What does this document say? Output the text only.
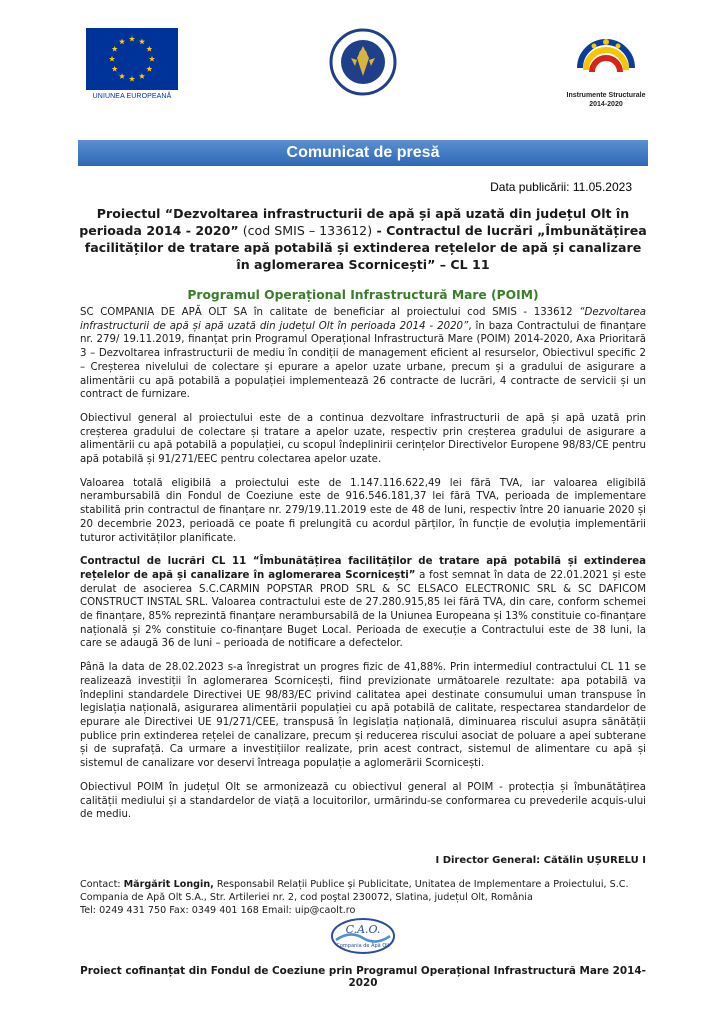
UNIUNEA EUROPEANĂ	Instrumente Structurale
2014-2020
Comunicat de presă
Data publicării: 11.05.2023
Proiectul “Dezvoltarea infrastructurii de apă și apă uzată din județul Olt în perioada 2014 - 2020” (cod SMIS – 133612) - Contractul de lucrări „Îmbunătățirea facilităților de tratare apă potabilă și extinderea rețelelor de apă și canalizare în aglomerarea Scornicești” – CL 11
Programul Operațional Infrastructură Mare (POIM)

SC COMPANIA DE APĂ OLT SA în calitate de beneficiar al proiectului cod SMIS - 133612 “Dezvoltarea infrastructurii de apă și apă uzată din județul Olt în perioada 2014 - 2020”, în baza Contractului de finanțare nr. 279/ 19.11.2019, finanțat prin Programul Operațional Infrastructură Mare (POIM) 2014-2020, Axa Prioritară 3 – Dezvoltarea infrastructurii de mediu în condiții de management eficient al resurselor, Obiectivul specific 2 – Creșterea nivelului de colectare și epurare a apelor uzate urbane, precum și a gradului de asigurare a alimentării cu apă potabilă a populației implementează 26 contracte de lucrări, 4 contracte de servicii și un contract de furnizare.

Obiectivul general al proiectului este de a continua dezvoltare infrastructurii de apă și apă uzată prin creșterea gradului de colectare și tratare a apelor uzate, respectiv prin creșterea gradului de asigurare a alimentării cu apă potabilă a populației, cu scopul îndeplinirii cerințelor Directivelor Europene 98/83/CE pentru apă potabilă și 91/271/EEC pentru colectarea apelor uzate.

Valoarea totală eligibilă a proiectului este de 1.147.116.622,49 lei fără TVA, iar valoarea eligibilă nerambursabilă din Fondul de Coeziune este de 916.546.181,37 lei fără TVA, perioada de implementare stabilită prin contractul de finanțare nr. 279/19.11.2019 este de 48 de luni, respectiv între 20 ianuarie 2020 și 20 decembrie 2023, perioadă ce poate fi prelungită cu acordul părților, în funcție de evoluția implementării tuturor activităților planificate.

Contractul de lucrări CL 11 “Îmbunătățirea facilităților de tratare apă potabilă și extinderea rețelelor de apă și canalizare în aglomerarea Scornicești” a fost semnat în data de 22.01.2021 și este derulat de asocierea S.C.CARMIN POPSTAR PROD SRL & SC ELSACO ELECTRONIC SRL & SC DAFICOM CONSTRUCT INSTAL SRL. Valoarea contractului este de 27.280.915,85 lei fără TVA, din care, conform schemei de finanțare, 85% reprezintă finanțare nerambursabilă de la Uniunea Europeana și 13% constituie co-finanțare națională și 2% constituie co-finanțare Buget Local. Perioada de execuție a Contractului este de 38 luni, la care se adaugă 36 de luni – perioada de notificare a defectelor.

Până la data de 28.02.2023 s-a înregistrat un progres fizic de 41,88%. Prin intermediul contractului CL 11 se realizează investiții în aglomerarea Scornicești, fiind previzionate următoarele rezultate: apa potabilă va îndeplini standardele Directivei UE 98/83/EC privind calitatea apei destinate consumului uman transpuse în legislația națională, asigurarea alimentării populației cu apă potabilă de calitate, respectarea standardelor de epurare ale Directivei UE 91/271/CEE, transpusă în legislația națională, diminuarea riscului asupra sănătății publice prin extinderea rețelei de canalizare, precum și reducerea riscului asociat de poluare a apei subterane și de suprafață. Ca urmare a investițiilor realizate, prin acest contract, sistemul de alimentare cu apă și sistemul de canalizare vor deservi întreaga populație a aglomerării Scornicești.

Obiectivul POIM în județul Olt se armonizează cu obiectivul general al POIM - protecția și îmbunătățirea calității mediului și a standardelor de viață a locuitorilor, urmărindu-se conformarea cu prevederile acquis-ului de mediu.

I Director General: Cătălin UȘURELU I
Contact: Mărgărit Longin, Responsabil Relații Publice și Publicitate, Unitatea de Implementare a Proiectului, S.C. Compania de Apă Olt S.A., Str. Artileriei nr. 2, cod poştal 230072, Slatina, județul Olt, România
Tel: 0249 431 750 Fax: 0349 401 168 Email: uip@caolt.ro
C.A.O.
Compania de Apă Olt
Proiect cofinanțat din Fondul de Coeziune prin Programul Operațional Infrastructură Mare 2014-2020
